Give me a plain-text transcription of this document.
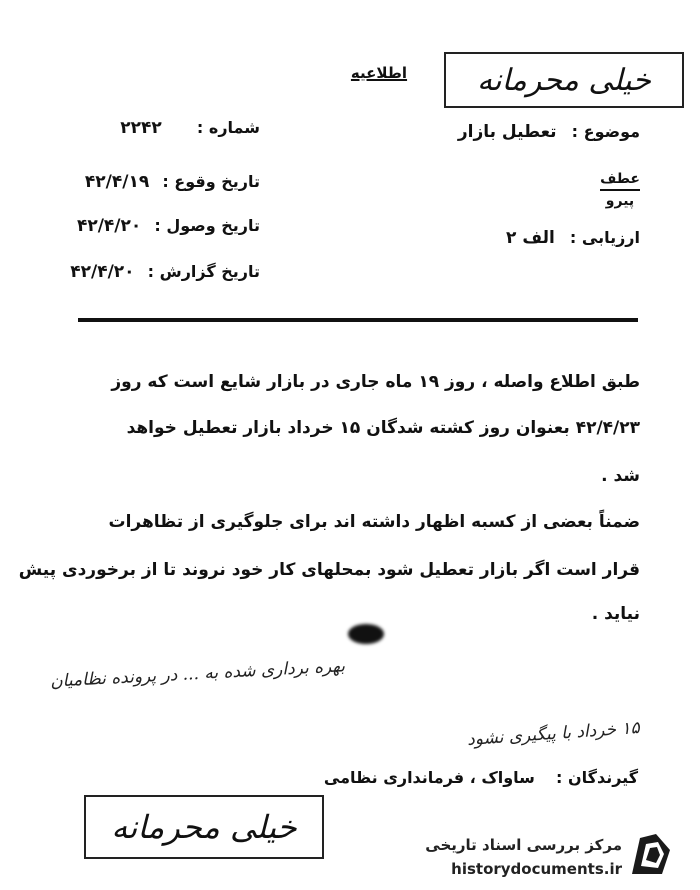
خیلی محرمانه
اطلاعیه
موضوع : تعطیل بازار
عطف
پیرو
ارزیابی : الف ۲
شماره : ۲۲۴۲
تاریخ وقوع : ۴۲/۴/۱۹
تاریخ وصول : ۴۲/۴/۲۰
تاریخ گزارش : ۴۲/۴/۲۰
طبق اطلاع واصله ، روز ۱۹ ماه جاری در بازار شایع است که روز
۴۲/۴/۲۳ بعنوان روز کشته شدگان ۱۵ خرداد بازار تعطیل خواهد
شد .
ضمناً بعضی از کسبه اظهار داشته اند برای جلوگیری از تظاهرات
قرار است اگر بازار تعطیل شود بمحلهای کار خود نروند تا از برخوردی پیش
نیاید .
بهره برداری شده به ... در پرونده نظامیان
۱۵ خرداد با پیگیری نشود
گیرندگان : ساواک ، فرمانداری نظامی
خیلی محرمانه	مرکز بررسی اسناد تاریخی
historydocuments.ir
